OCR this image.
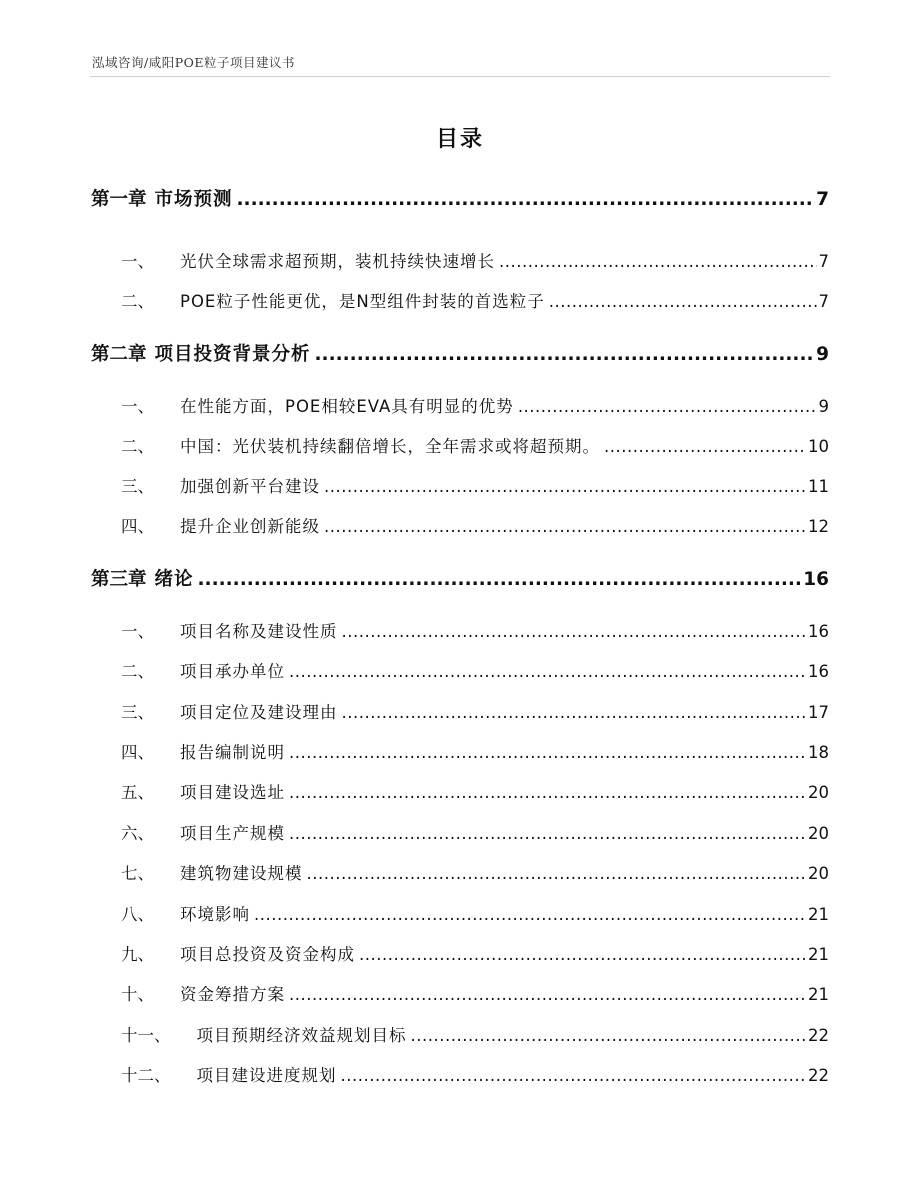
泓域咨询/咸阳POE粒子项目建议书
目录
第一章 市场预测 .....	7
一、 光伏全球需求超预期，装机持续快速增长 .....	7
二、 POE粒子性能更优，是N型组件封装的首选粒子 .....	7
第二章 项目投资背景分析 .....	9
一、 在性能方面，POE相较EVA具有明显的优势 .....	9
二、 中国：光伏装机持续翻倍增长，全年需求或将超预期。 .....	10
三、 加强创新平台建设 .....	11
四、 提升企业创新能级 .....	12
第三章 绪论 .....	16
一、 项目名称及建设性质 .....	16
二、 项目承办单位 .....	16
三、 项目定位及建设理由 .....	17
四、 报告编制说明 .....	18
五、 项目建设选址 .....	20
六、 项目生产规模 .....	20
七、 建筑物建设规模 .....	20
八、 环境影响 .....	21
九、 项目总投资及资金构成 .....	21
十、 资金筹措方案 .....	21
十一、 项目预期经济效益规划目标 .....	22
十二、 项目建设进度规划 .....	22
